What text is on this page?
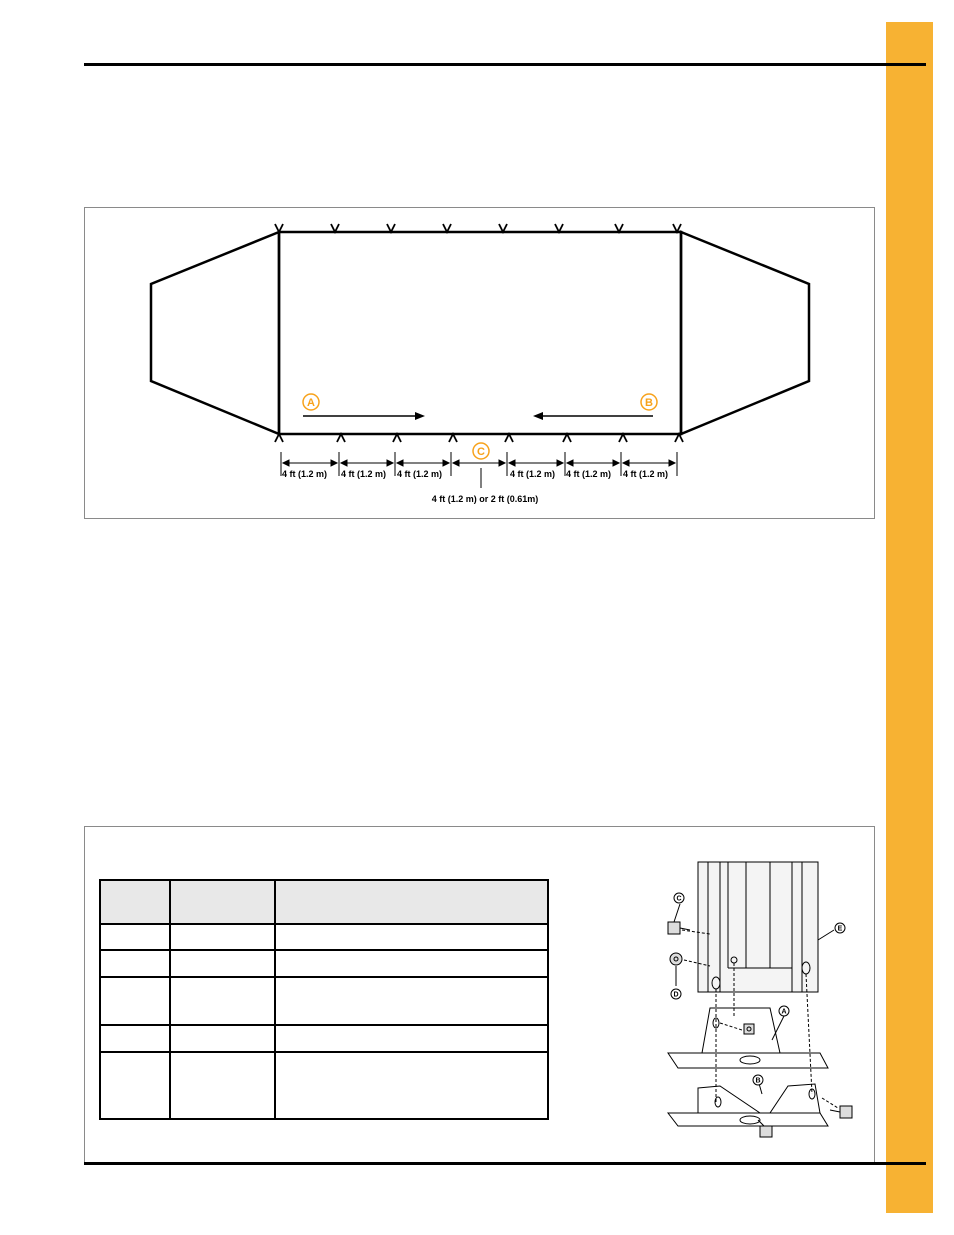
A	B
4 ft (1.2 m) 4 ft (1.2 m) 4 ft (1.2 m)	4 ft (1.2 m) 4 ft (1.2 m) 4 ft (1.2 m)
C
4 ft (1.2 m) or 2 ft (0.61m)

C
D
E
A
B
